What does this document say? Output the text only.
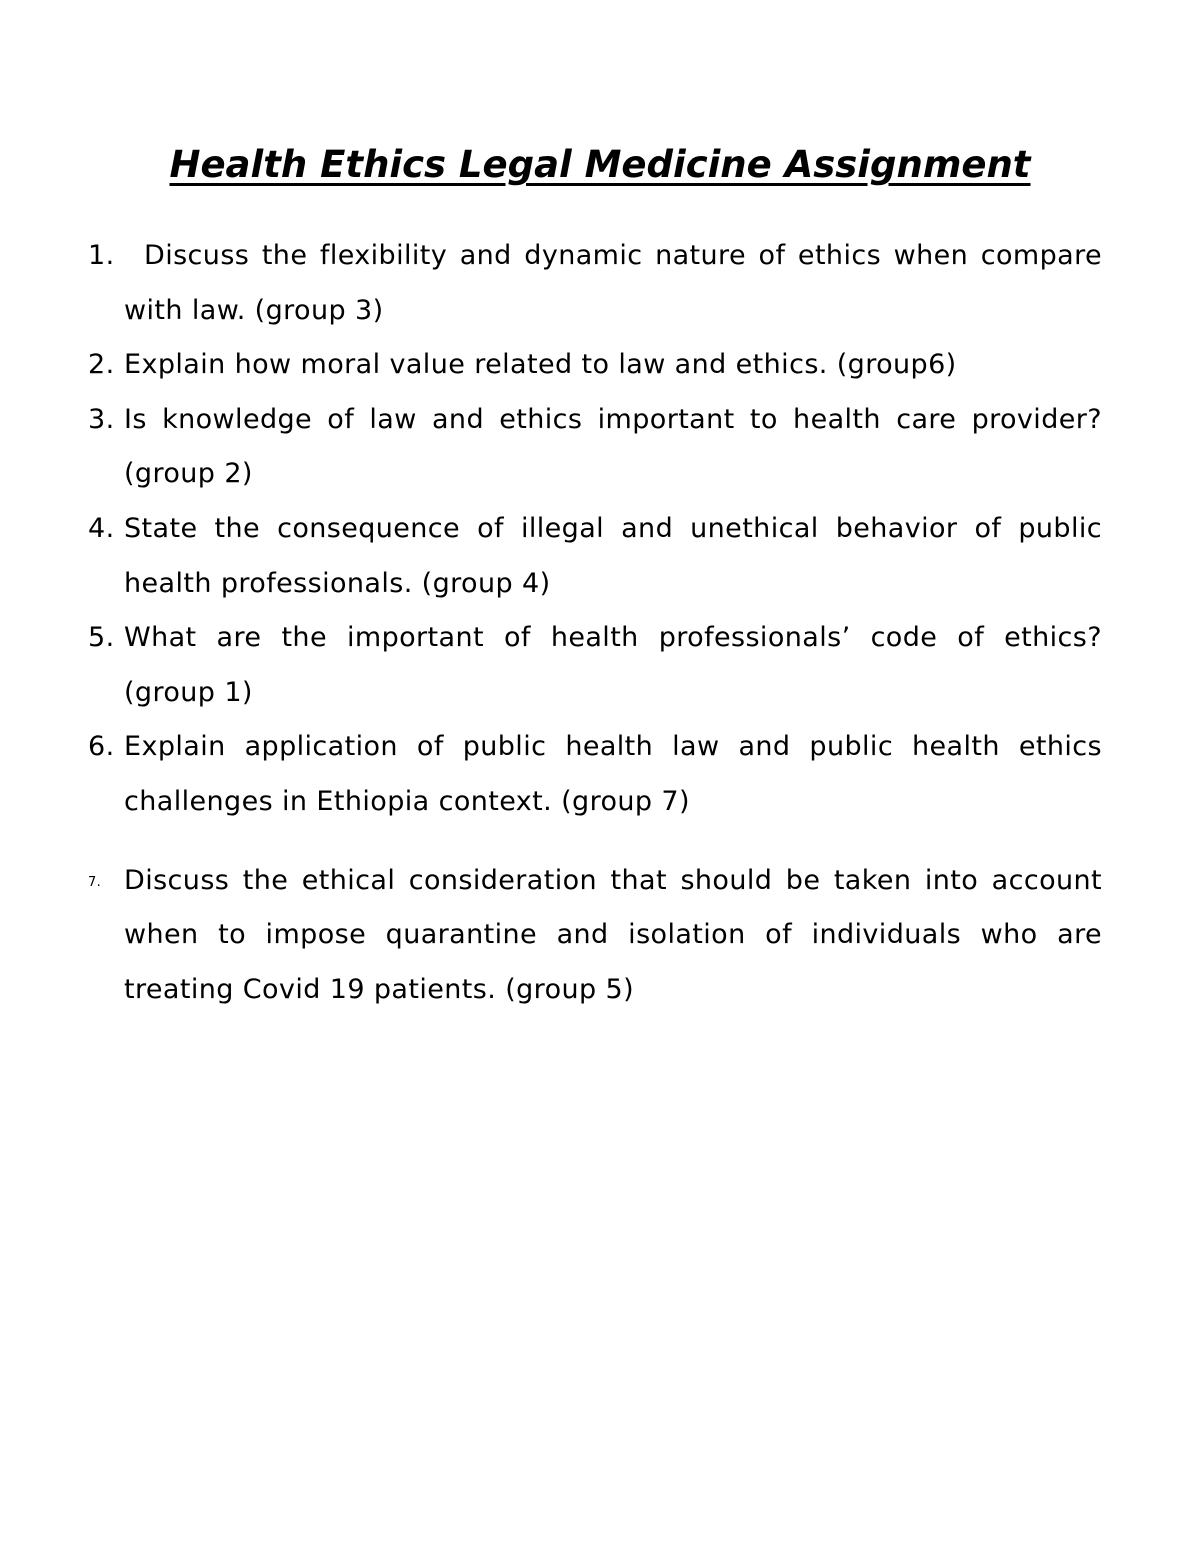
Health Ethics Legal Medicine Assignment
1. Discuss the flexibility and dynamic nature of ethics when compare with law. (group 3)
2. Explain how moral value related to law and ethics. (group6)
3. Is knowledge of law and ethics important to health care provider? (group 2)
4. State the consequence of illegal and unethical behavior of public health professionals. (group 4)
5. What are the important of health professionals’ code of ethics? (group 1)
6. Explain application of public health law and public health ethics challenges in Ethiopia context. (group 7)
7. Discuss the ethical consideration that should be taken into account when to impose quarantine and isolation of individuals who are treating Covid 19 patients. (group 5)
